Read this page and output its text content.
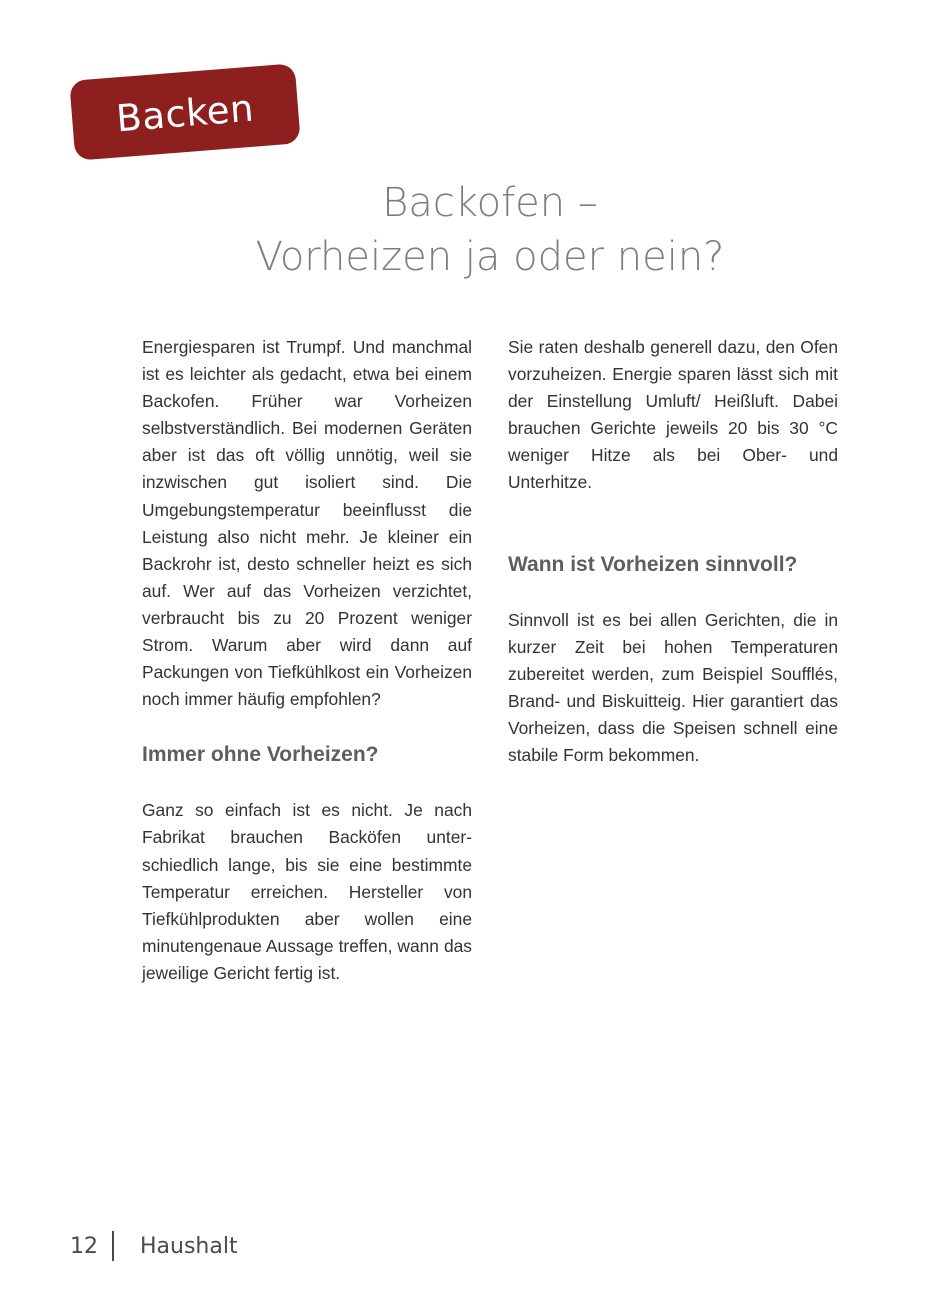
Backen
Backofen –
Vorheizen ja oder nein?

Energiesparen ist Trumpf. Und manchmal ist es leichter als gedacht, etwa bei einem Backofen. Früher war Vorheizen selbstverständlich. Bei modernen Geräten aber ist das oft völlig unnötig, weil sie inzwischen gut isoliert sind. Die Umgebungstemperatur beeinflusst die Leistung also nicht mehr. Je kleiner ein Backrohr ist, desto schneller heizt es sich auf. Wer auf das Vorheizen verzichtet, verbraucht bis zu 20 Prozent weniger Strom. Warum aber wird dann auf Packungen von Tiefkühlkost ein Vorheizen noch immer häufig empfohlen?

Immer ohne Vorheizen?

Ganz so einfach ist es nicht. Je nach Fabrikat brauchen Backöfen unterschiedlich lange, bis sie eine bestimmte Temperatur erreichen. Hersteller von Tiefkühlprodukten aber wollen eine minutengenaue Aussage treffen, wann das jeweilige Gericht fertig ist.

Sie raten deshalb generell dazu, den Ofen vorzuheizen. Energie sparen lässt sich mit der Einstellung Umluft/ Heißluft. Dabei brauchen Gerichte jeweils 20 bis 30 °C weniger Hitze als bei Ober- und Unterhitze.

Wann ist Vorheizen sinnvoll?

Sinnvoll ist es bei allen Gerichten, die in kurzer Zeit bei hohen Temperaturen zubereitet werden, zum Beispiel Soufflés, Brand- und Biskuitteig. Hier garantiert das Vorheizen, dass die Speisen schnell eine stabile Form bekommen.

12 Haushalt
